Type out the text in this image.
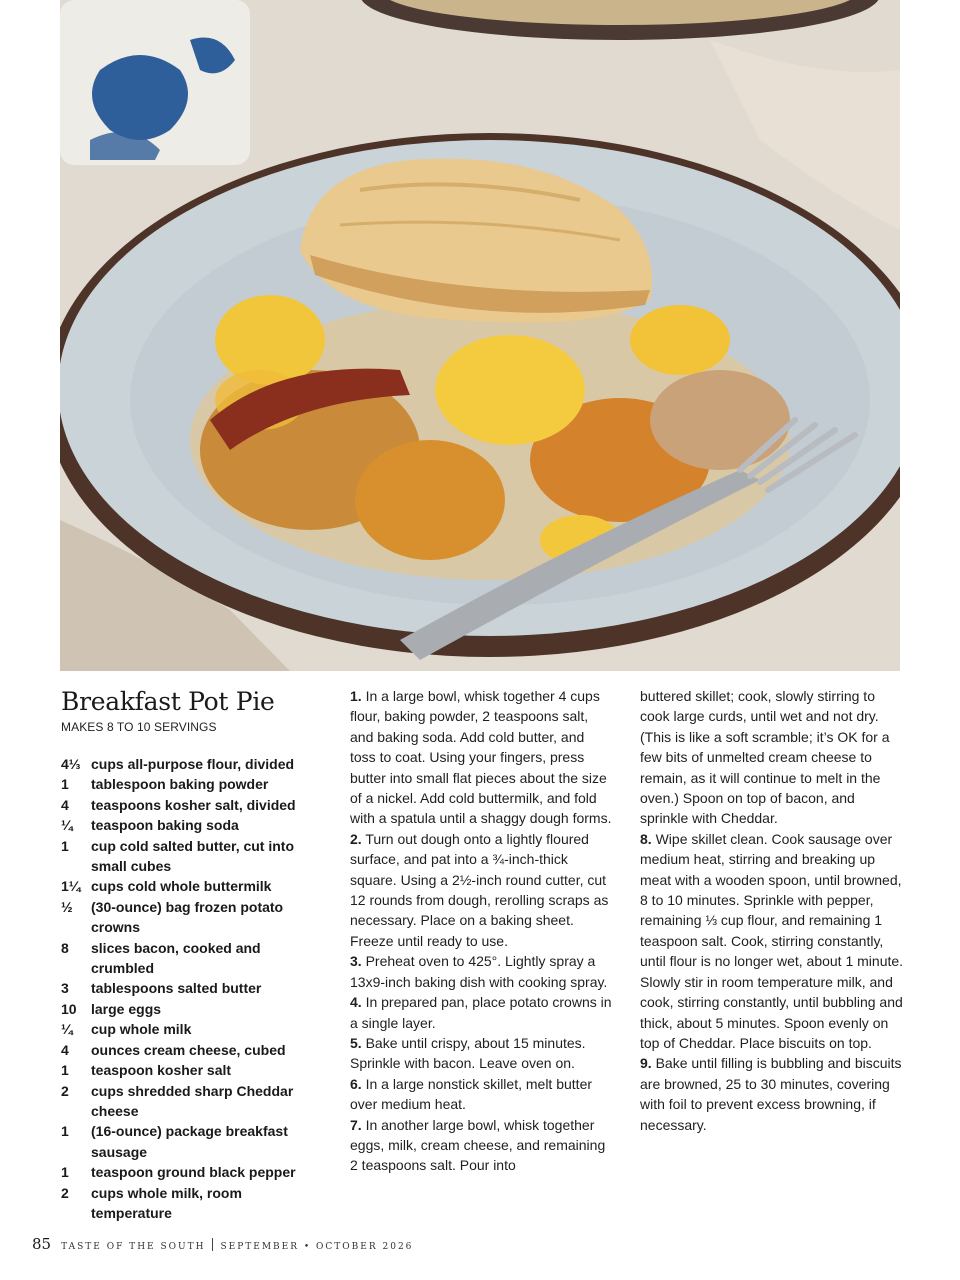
Breakfast Pot Pie
MAKES 8 TO 10 SERVINGS
4⅓ cups all-purpose flour, divided
1	tablespoon baking powder
4	teaspoons kosher salt, divided
¼	teaspoon baking soda
1	cup cold salted butter, cut into small cubes
1¼ cups cold whole buttermilk
½	(30-ounce) bag frozen potato crowns
8	slices bacon, cooked and crumbled
3	tablespoons salted butter
10	large eggs
¼	cup whole milk
4	ounces cream cheese, cubed
1	teaspoon kosher salt
2	cups shredded sharp Cheddar cheese
1	(16-ounce) package breakfast sausage
1	teaspoon ground black pepper
2	cups whole milk, room temperature

1. In a large bowl, whisk together 4 cups flour, baking powder, 2 teaspoons salt, and baking soda. Add cold butter, and toss to coat. Using your fingers, press butter into small flat pieces about the size of a nickel. Add cold buttermilk, and fold with a spatula until a shaggy dough forms.

2. Turn out dough onto a lightly floured surface, and pat into a ¾-inch-thick square. Using a 2½-inch round cutter, cut 12 rounds from dough, rerolling scraps as necessary. Place on a baking sheet. Freeze until ready to use.

3. Preheat oven to 425°. Lightly spray a 13x9-inch baking dish with cooking spray.

4. In prepared pan, place potato crowns in a single layer.

5. Bake until crispy, about 15 minutes. Sprinkle with bacon. Leave oven on.

6. In a large nonstick skillet, melt butter over medium heat.

7. In another large bowl, whisk together eggs, milk, cream cheese, and remaining 2 teaspoons salt. Pour into

buttered skillet; cook, slowly stirring to cook large curds, until wet and not dry. (This is like a soft scramble; it’s OK for a few bits of unmelted cream cheese to remain, as it will continue to melt in the oven.) Spoon on top of bacon, and sprinkle with Cheddar.

8. Wipe skillet clean. Cook sausage over medium heat, stirring and breaking up meat with a wooden spoon, until browned, 8 to 10 minutes. Sprinkle with pepper, remaining ⅓ cup flour, and remaining 1 teaspoon salt. Cook, stirring constantly, until flour is no longer wet, about 1 minute. Slowly stir in room temperature milk, and cook, stirring constantly, until bubbling and thick, about 5 minutes. Spoon evenly on top of Cheddar. Place biscuits on top.

9. Bake until filling is bubbling and biscuits are browned, 25 to 30 minutes, covering with foil to prevent excess browning, if necessary.

85 TASTE OF THE SOUTH SEPTEMBER • OCTOBER 2026
